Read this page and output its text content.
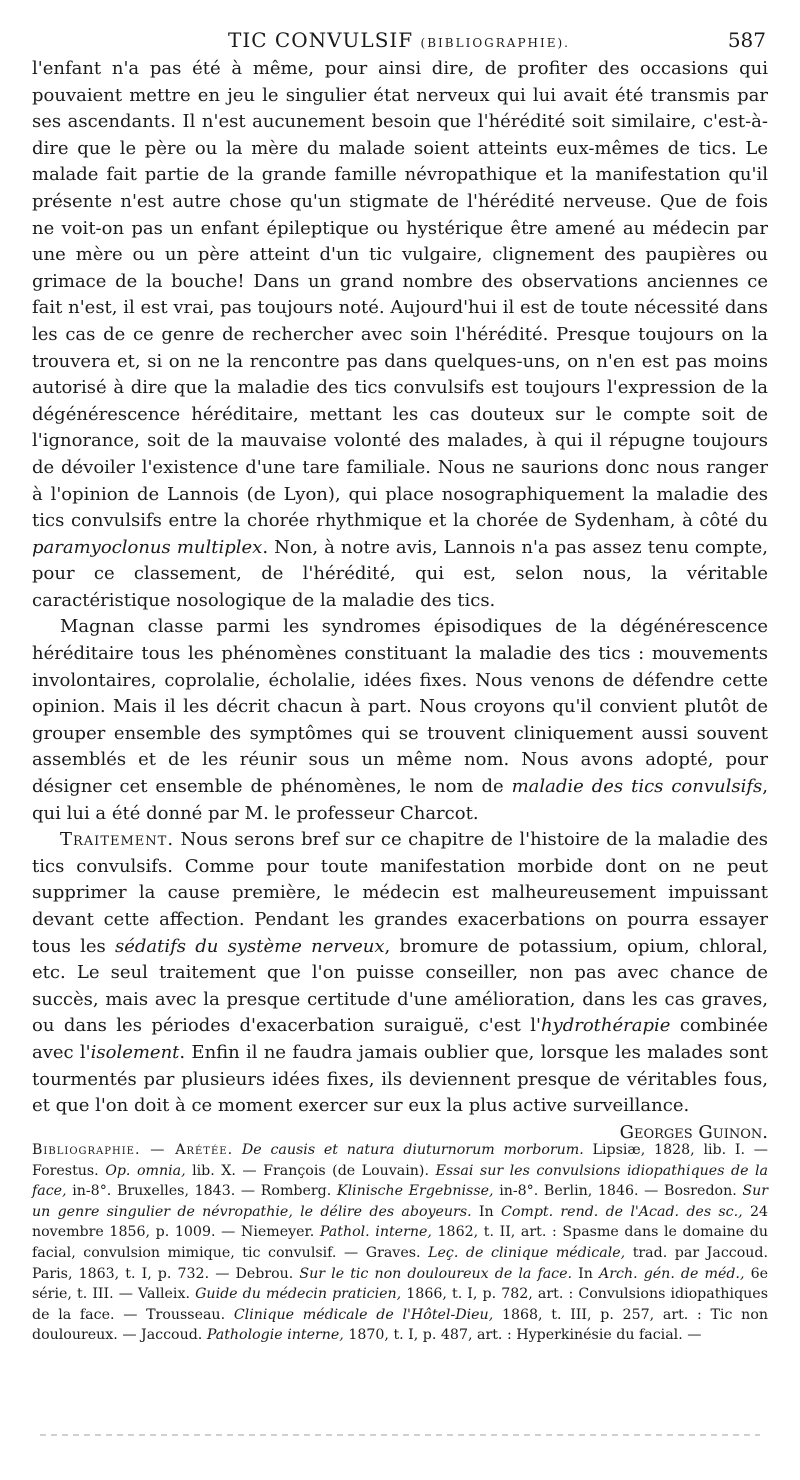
TIC CONVULSIF (BIBLIOGRAPHIE).	587

l'enfant n'a pas été à même, pour ainsi dire, de profiter des occasions qui pouvaient mettre en jeu le singulier état nerveux qui lui avait été transmis par ses ascendants. Il n'est aucunement besoin que l'hérédité soit similaire, c'est-à-dire que le père ou la mère du malade soient atteints eux-mêmes de tics. Le malade fait partie de la grande famille névropathique et la manifestation qu'il présente n'est autre chose qu'un stigmate de l'hérédité nerveuse. Que de fois ne voit-on pas un enfant épileptique ou hystérique être amené au médecin par une mère ou un père atteint d'un tic vulgaire, clignement des paupières ou grimace de la bouche! Dans un grand nombre des observations anciennes ce fait n'est, il est vrai, pas toujours noté. Aujourd'hui il est de toute nécessité dans les cas de ce genre de rechercher avec soin l'hérédité. Presque toujours on la trouvera et, si on ne la rencontre pas dans quelques-uns, on n'en est pas moins autorisé à dire que la maladie des tics convulsifs est toujours l'expression de la dégénérescence héréditaire, mettant les cas douteux sur le compte soit de l'ignorance, soit de la mauvaise volonté des malades, à qui il répugne toujours de dévoiler l'existence d'une tare familiale. Nous ne saurions donc nous ranger à l'opinion de Lannois (de Lyon), qui place nosographiquement la maladie des tics convulsifs entre la chorée rhythmique et la chorée de Sydenham, à côté du paramyoclonus multiplex. Non, à notre avis, Lannois n'a pas assez tenu compte, pour ce classement, de l'hérédité, qui est, selon nous, la véritable caractéristique nosologique de la maladie des tics.

Magnan classe parmi les syndromes épisodiques de la dégénérescence héréditaire tous les phénomènes constituant la maladie des tics : mouvements involontaires, coprolalie, écholalie, idées fixes. Nous venons de défendre cette opinion. Mais il les décrit chacun à part. Nous croyons qu'il convient plutôt de grouper ensemble des symptômes qui se trouvent cliniquement aussi souvent assemblés et de les réunir sous un même nom. Nous avons adopté, pour désigner cet ensemble de phénomènes, le nom de maladie des tics convulsifs, qui lui a été donné par M. le professeur Charcot.

Traitement. Nous serons bref sur ce chapitre de l'histoire de la maladie des tics convulsifs. Comme pour toute manifestation morbide dont on ne peut supprimer la cause première, le médecin est malheureusement impuissant devant cette affection. Pendant les grandes exacerbations on pourra essayer tous les sédatifs du système nerveux, bromure de potassium, opium, chloral, etc. Le seul traitement que l'on puisse conseiller, non pas avec chance de succès, mais avec la presque certitude d'une amélioration, dans les cas graves, ou dans les périodes d'exacerbation suraiguë, c'est l'hydrothérapie combinée avec l'isolement. Enfin il ne faudra jamais oublier que, lorsque les malades sont tourmentés par plusieurs idées fixes, ils deviennent presque de véritables fous, et que l'on doit à ce moment exercer sur eux la plus active surveillance.

Georges Guinon.
Bibliographie. — Arétée. De causis et natura diuturnorum morborum. Lipsiæ, 1828, lib. I. — Forestus. Op. omnia, lib. X. — François (de Louvain). Essai sur les convulsions idiopathiques de la face, in-8°. Bruxelles, 1843. — Romberg. Klinische Ergebnisse, in-8°. Berlin, 1846. — Bosredon. Sur un genre singulier de névropathie, le délire des aboyeurs. In Compt. rend. de l'Acad. des sc., 24 novembre 1856, p. 1009. — Niemeyer. Pathol. interne, 1862, t. II, art. : Spasme dans le domaine du facial, convulsion mimique, tic convulsif. — Graves. Leç. de clinique médicale, trad. par Jaccoud. Paris, 1863, t. I, p. 732. — Debrou. Sur le tic non douloureux de la face. In Arch. gén. de méd., 6e série, t. III. — Valleix. Guide du médecin praticien, 1866, t. I, p. 782, art. : Convulsions idiopathiques de la face. — Trousseau. Clinique médicale de l'Hôtel-Dieu, 1868, t. III, p. 257, art. : Tic non douloureux. — Jaccoud. Pathologie interne, 1870, t. I, p. 487, art. : Hyperkinésie du facial. —
